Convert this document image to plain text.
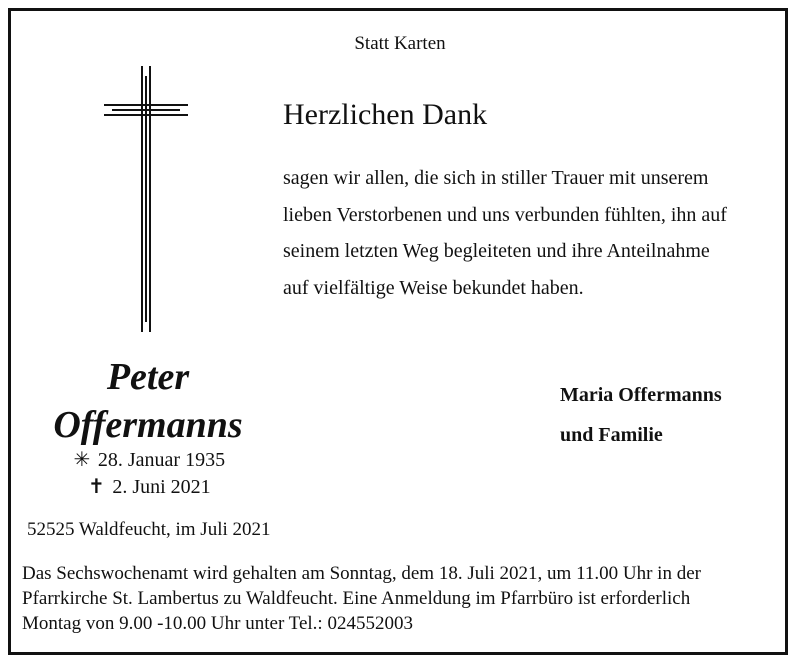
Statt Karten
Herzlichen Dank
sagen wir allen, die sich in stiller Trauer mit unserem
lieben Verstorbenen und uns verbunden fühlten, ihn auf
seinem letzten Weg begleiteten und ihre Anteilnahme
auf vielfältige Weise bekundet haben.
Maria Offermanns
und Familie
Peter
Offermanns
✳ 28. Januar 1935
✝ 2. Juni 2021
52525 Waldfeucht, im Juli 2021
Das Sechswochenamt wird gehalten am Sonntag, dem 18. Juli 2021, um 11.00 Uhr in der
Pfarrkirche St. Lambertus zu Waldfeucht. Eine Anmeldung im Pfarrbüro ist erforderlich
Montag von 9.00 -10.00 Uhr unter Tel.: 024552003
